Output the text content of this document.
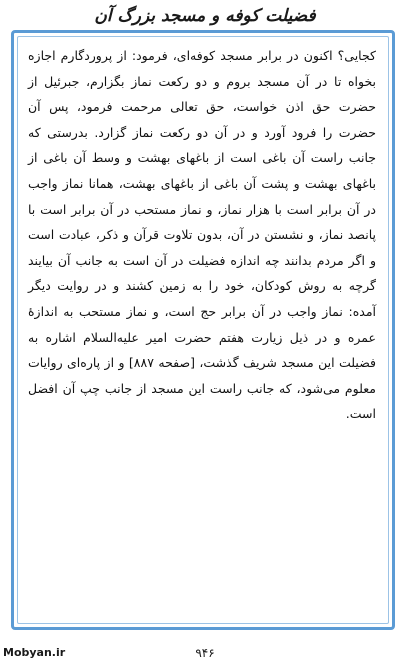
فضیلت کوفه و مسجد بزرگ آن

کجایی؟ اکنون در برابر مسجد کوفه‌ای، فرمود: از پروردگارم اجازه بخواه تا در آن مسجد بروم و دو رکعت نماز بگزارم، جبرئیل از حضرت حق اذن خواست، حق تعالی مرحمت فرمود، پس آن حضرت را فرود آورد و در آن دو رکعت نماز گزارد. بدرستی که جانب راست آن باغی است از باغهای بهشت و وسط آن باغی از باغهای بهشت و پشت آن باغی از باغهای بهشت، همانا نماز واجب در آن برابر است با هزار نماز، و نماز مستحب در آن برابر است با پانصد نماز، و نشستن در آن، بدون تلاوت قرآن و ذکر، عبادت است و اگر مردم بدانند چه اندازه فضیلت در آن است به جانب آن بیایند گرچه به روش کودکان، خود را به زمین کشند و در روایت دیگر آمده: نماز واجب در آن برابر حج است، و نماز مستحب به اندازهٔ عمره و در ذیل زیارت هفتم حضرت امیر علیه‌السلام اشاره به فضیلت این مسجد شریف گذشت، [صفحه ۸۸۷] و از پاره‌ای روایات معلوم می‌شود، که جانب راست این مسجد از جانب چپ آن افضل است.

Mobyan.ir	۹۴۶
